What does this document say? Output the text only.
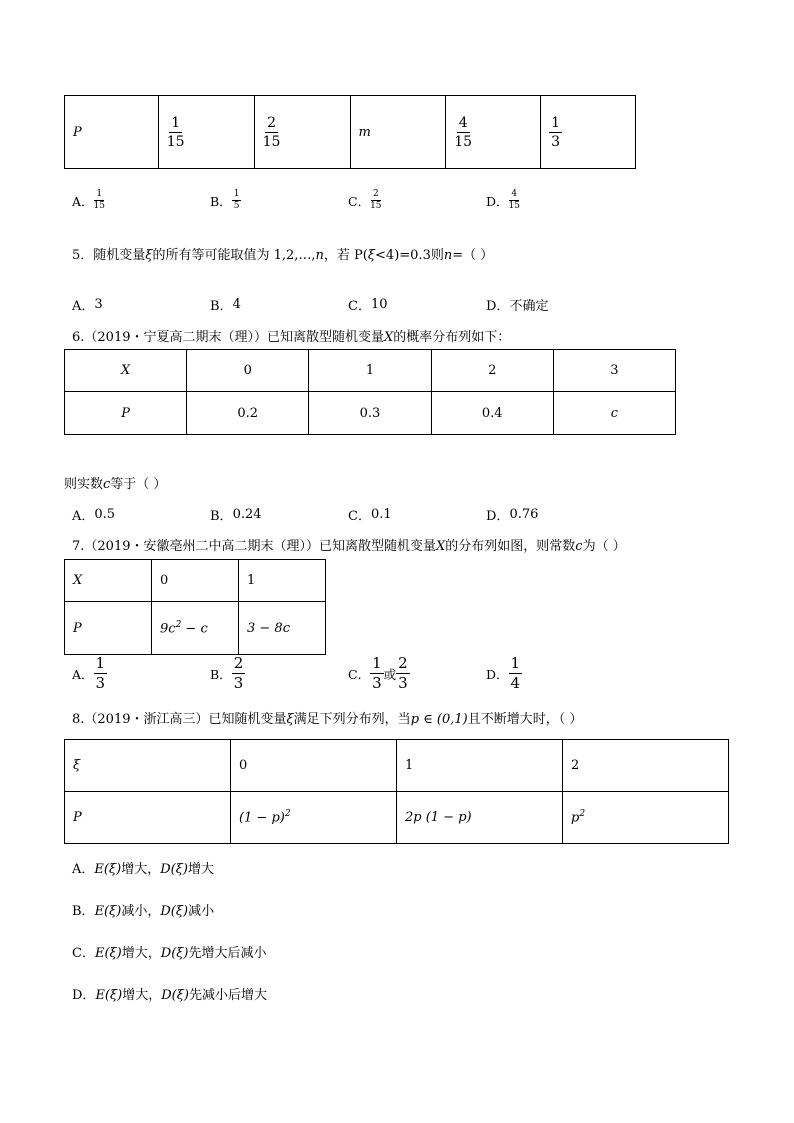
P	$\frac{1}{15}$	$\frac{2}{15}$	m	$\frac{4}{15}$	$\frac{1}{3}$
A． $\frac{1}{15}$	B． $\frac{1}{5}$	C． $\frac{2}{15}$	D． $\frac{4}{15}$
5．随机变量ξ的所有等可能取值为 1,2,…,n，若 P(ξ<4)=0.3则n=（ ）
A． 3	B． 4	C． 10	D． 不确定
6.（2019・宁夏高二期末（理））已知离散型随机变量X的概率分布列如下：
X	0	1	2	3
P	0.2	0.3	0.4	c
则实数c等于（ ）
A． 0.5	B． 0.24	C． 0.1	D． 0.76
7.（2019・安徽亳州二中高二期末（理））已知离散型随机变量X的分布列如图，则常数c为（ ）
X	0	1
P	$9c^2 - c$	3 − 8c
A． $\frac{1}{3}$	B． $\frac{2}{3}$	C． $\frac{1}{3}$ 或 $\frac{2}{3}$	D． $\frac{1}{4}$
8.（2019・浙江高三）已知随机变量ξ满足下列分布列，当p ∈ (0,1)且不断增大时，（ ）
ξ	0	1	2
P	$(1 - p)^2$	2p (1 − p)	$p^2$
A．E(ξ)增大，D(ξ)增大
B．E(ξ)减小，D(ξ)减小
C．E(ξ)增大，D(ξ)先增大后减小
D．E(ξ)增大，D(ξ)先减小后增大
